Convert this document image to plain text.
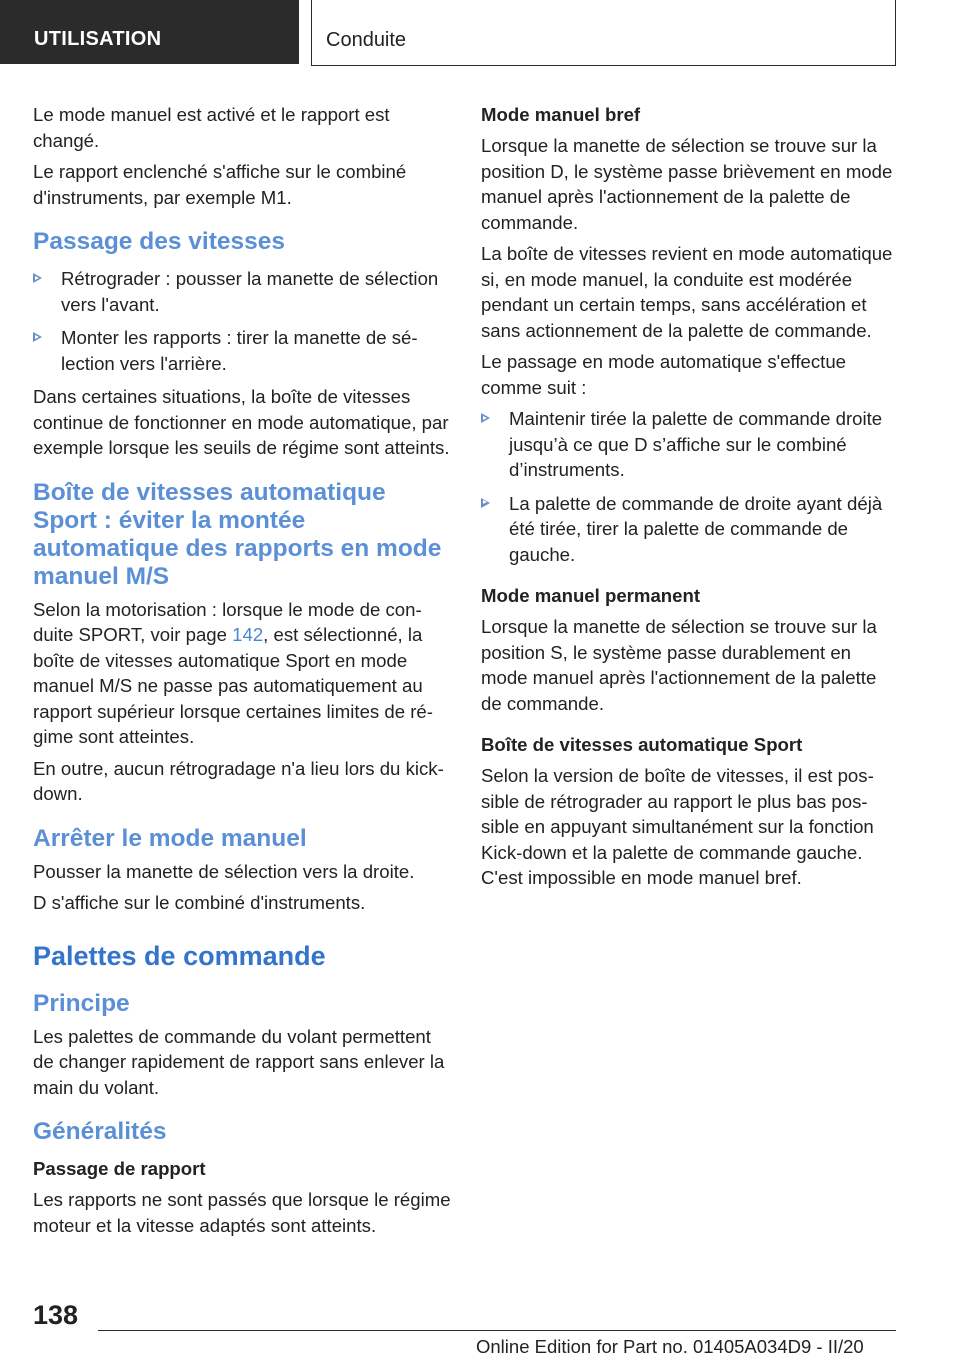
UTILISATION	Conduite

Le mode manuel est activé et le rapport est changé.

Le rapport enclenché s'affiche sur le combiné d'instruments, par exemple M1.

Passage des vitesses
Rétrograder : pousser la manette de sélection vers l'avant.
Monter les rapports : tirer la manette de sélection vers l'arrière.

Dans certaines situations, la boîte de vitesses continue de fonctionner en mode automatique, par exemple lorsque les seuils de régime sont atteints.

Boîte de vitesses automatique Sport : éviter la montée automatique des rapports en mode manuel M/S

Selon la motorisation : lorsque le mode de conduite SPORT, voir page 142, est sélectionné, la boîte de vitesses automatique Sport en mode manuel M/S ne passe pas automatiquement au rapport supérieur lorsque certaines limites de régime sont atteintes.

En outre, aucun rétrogradage n'a lieu lors du kick-down.

Arrêter le mode manuel

Pousser la manette de sélection vers la droite.

D s'affiche sur le combiné d'instruments.

Palettes de commande
Principe

Les palettes de commande du volant permettent de changer rapidement de rapport sans enlever la main du volant.

Généralités
Passage de rapport

Les rapports ne sont passés que lorsque le régime moteur et la vitesse adaptés sont atteints.

Mode manuel bref

Lorsque la manette de sélection se trouve sur la position D, le système passe brièvement en mode manuel après l'actionnement de la palette de commande.

La boîte de vitesses revient en mode automatique si, en mode manuel, la conduite est modérée pendant un certain temps, sans accélération et sans actionnement de la palette de commande.

Le passage en mode automatique s'effectue comme suit :

Maintenir tirée la palette de commande droite jusqu’à ce que D s’affiche sur le combiné d’instruments.
La palette de commande de droite ayant déjà été tirée, tirer la palette de commande de gauche.
Mode manuel permanent

Lorsque la manette de sélection se trouve sur la position S, le système passe durablement en mode manuel après l'actionnement de la palette de commande.

Boîte de vitesses automatique Sport

Selon la version de boîte de vitesses, il est possible de rétrograder au rapport le plus bas possible en appuyant simultanément sur la fonction Kick-down et la palette de commande gauche. C'est impossible en mode manuel bref.

138
Online Edition for Part no. 01405A034D9 - II/20
